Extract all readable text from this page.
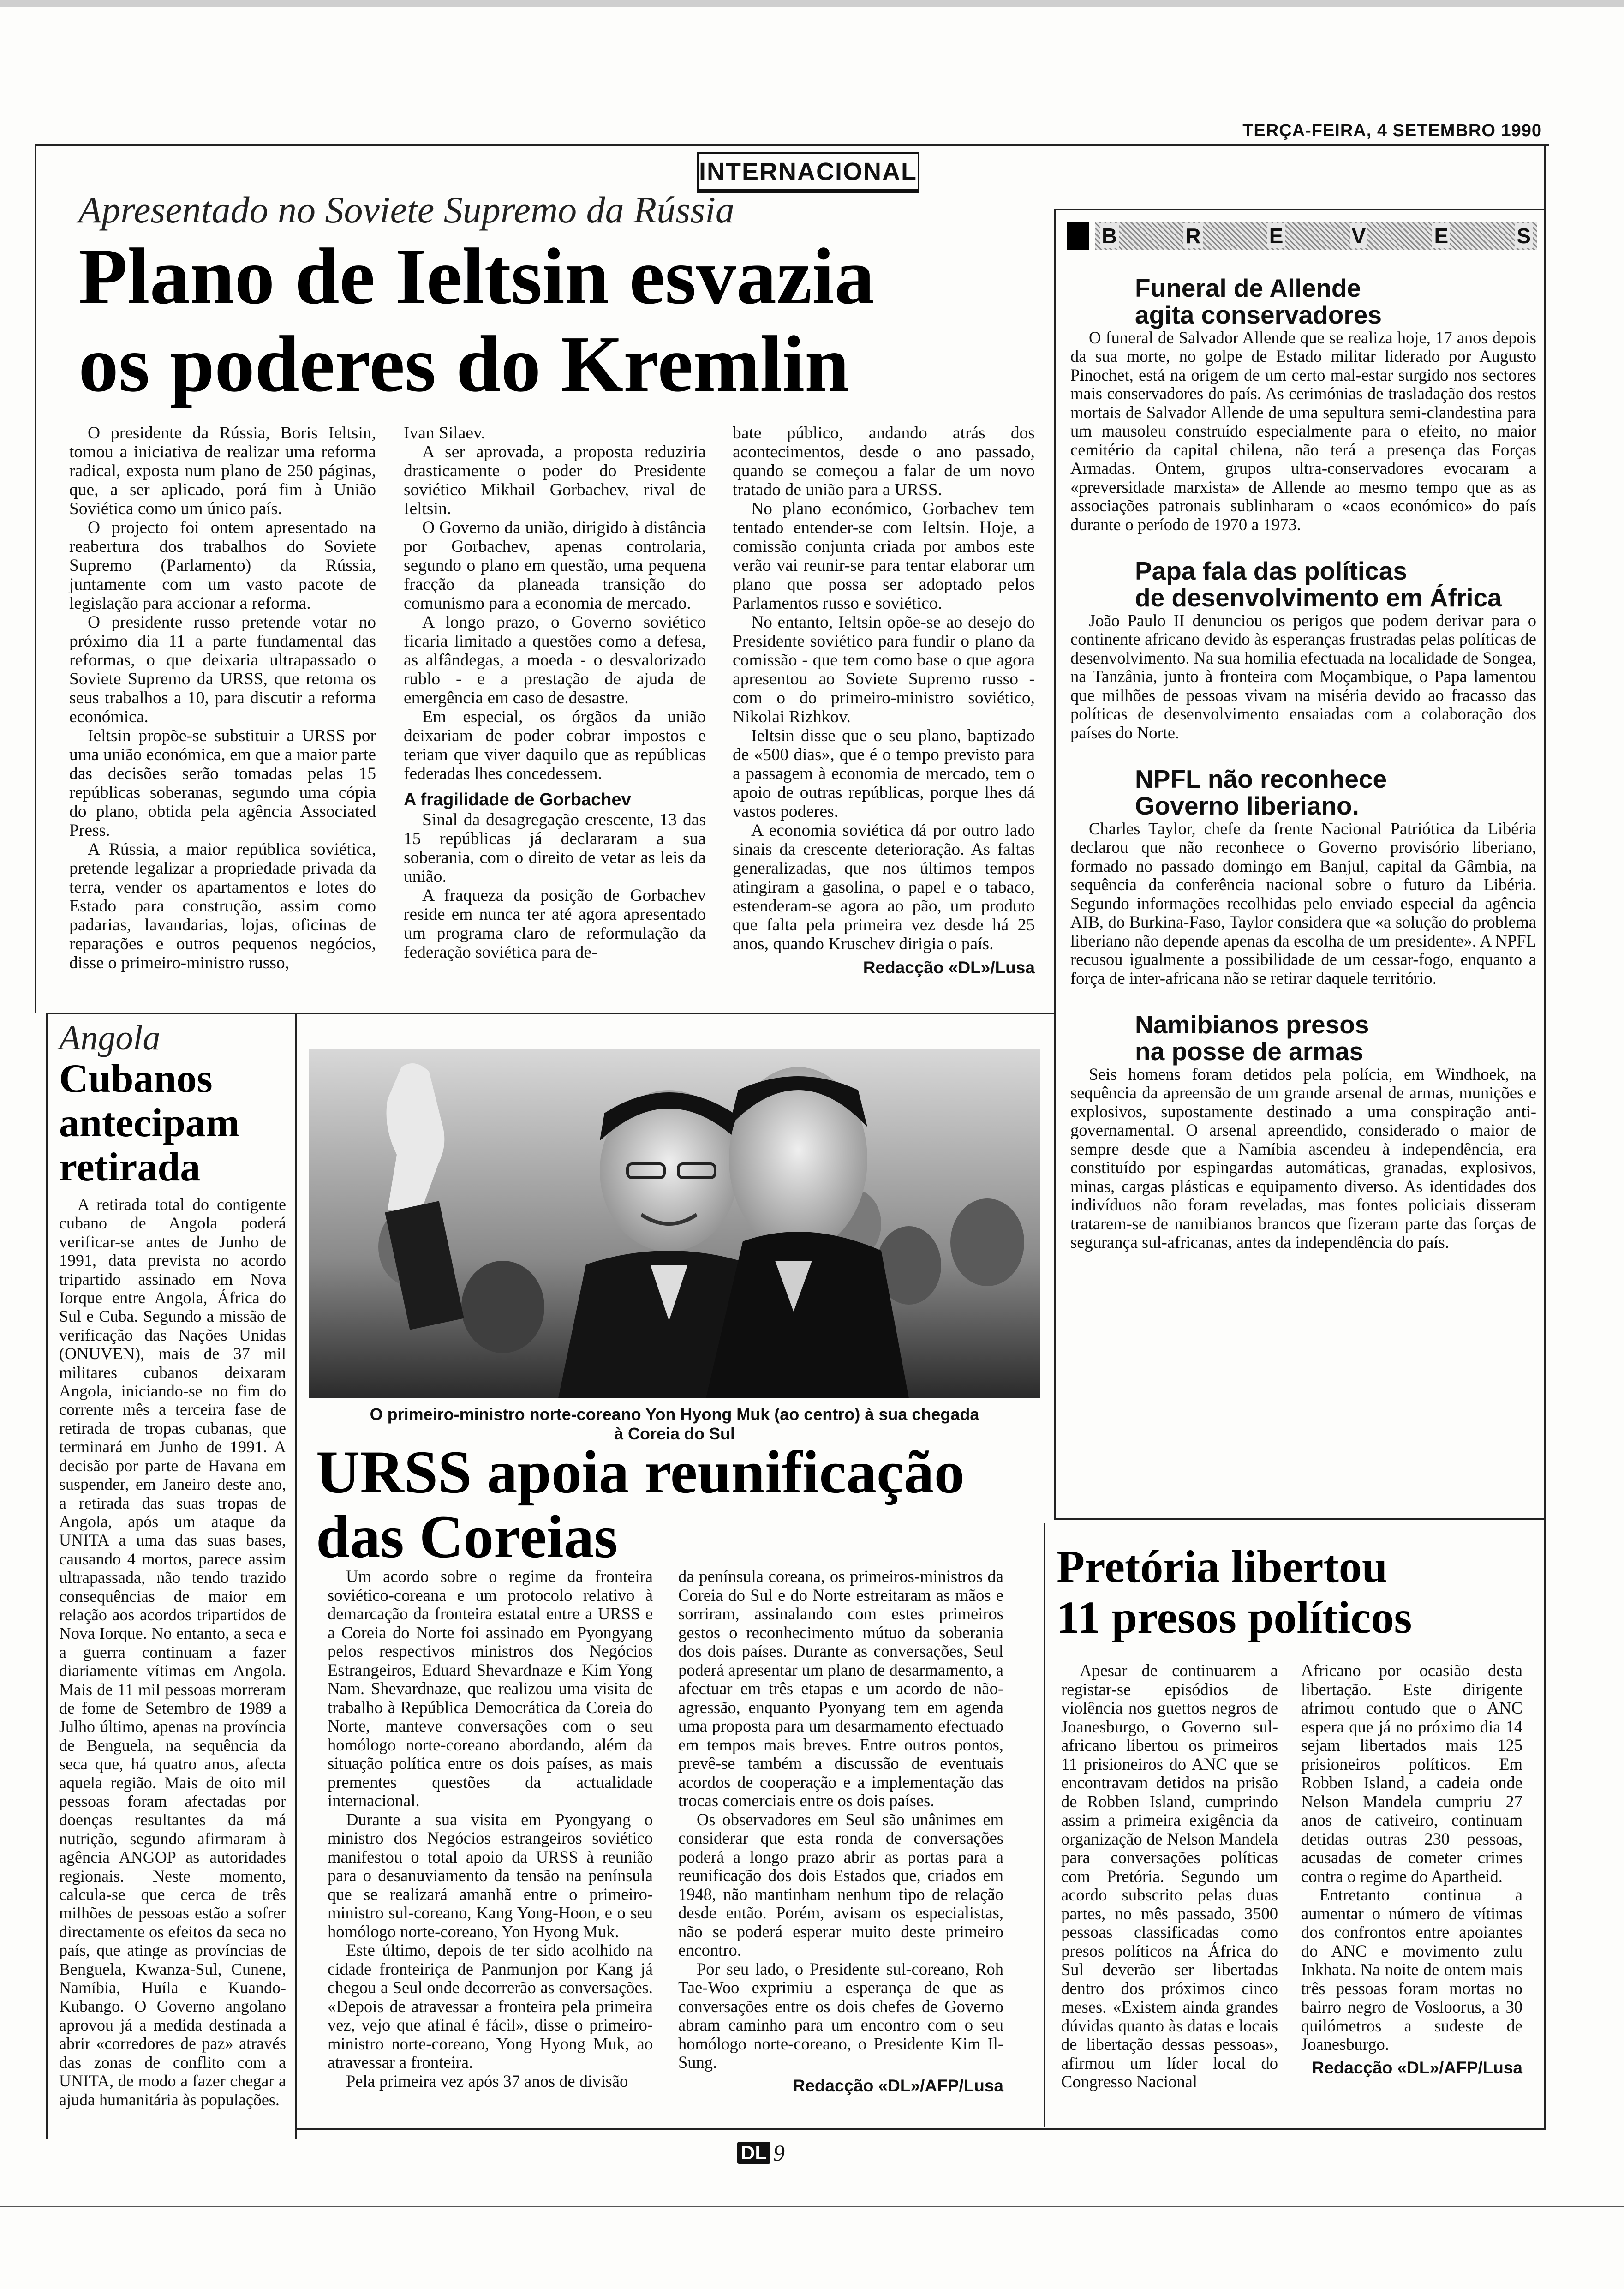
TERÇA-FEIRA, 4 SETEMBRO 1990
INTERNACIONAL
Apresentado no Soviete Supremo da Rússia
Plano de Ieltsin esvazia
os poderes do Kremlin

O presidente da Rússia, Boris Ieltsin, tomou a iniciativa de realizar uma reforma radical, exposta num plano de 250 páginas, que, a ser aplicado, porá fim à União Soviética como um único país.

O projecto foi ontem apresentado na reabertura dos trabalhos do Soviete Supremo (Parlamento) da Rússia, juntamente com um vasto pacote de legislação para accionar a reforma.

O presidente russo pretende votar no próximo dia 11 a parte fundamental das reformas, o que deixaria ultrapassado o Soviete Supremo da URSS, que retoma os seus trabalhos a 10, para discutir a reforma económica.

Ieltsin propõe-se substituir a URSS por uma união económica, em que a maior parte das decisões serão tomadas pelas 15 repúblicas soberanas, segundo uma cópia do plano, obtida pela agência Associated Press.

A Rússia, a maior república soviética, pretende legalizar a propriedade privada da terra, vender os apartamentos e lotes do Estado para construção, assim como padarias, lavandarias, lojas, oficinas de reparações e outros pequenos negócios, disse o primeiro-ministro russo,

Ivan Silaev.

A ser aprovada, a proposta reduziria drasticamente o poder do Presidente soviético Mikhail Gorbachev, rival de Ieltsin.

O Governo da união, dirigido à distância por Gorbachev, apenas controlaria, segundo o plano em questão, uma pequena fracção da planeada transição do comunismo para a economia de mercado.

A longo prazo, o Governo soviético ficaria limitado a questões como a defesa, as alfândegas, a moeda - o desvalorizado rublo - e a prestação de ajuda de emergência em caso de desastre.

Em especial, os órgãos da união deixariam de poder cobrar impostos e teriam que viver daquilo que as repúblicas federadas lhes concedessem.

A fragilidade de Gorbachev

Sinal da desagregação crescente, 13 das 15 repúblicas já declararam a sua soberania, com o direito de vetar as leis da união.

A fraqueza da posição de Gorbachev reside em nunca ter até agora apresentado um programa claro de reformulação da federação soviética para de-

bate público, andando atrás dos acontecimentos, desde o ano passado, quando se começou a falar de um novo tratado de união para a URSS.

No plano económico, Gorbachev tem tentado entender-se com Ieltsin. Hoje, a comissão conjunta criada por ambos este verão vai reunir-se para tentar elaborar um plano que possa ser adoptado pelos Parlamentos russo e soviético.

No entanto, Ieltsin opõe-se ao desejo do Presidente soviético para fundir o plano da comissão - que tem como base o que agora apresentou ao Soviete Supremo russo - com o do primeiro-ministro soviético, Nikolai Rizhkov.

Ieltsin disse que o seu plano, baptizado de «500 dias», que é o tempo previsto para a passagem à economia de mercado, tem o apoio de outras repúblicas, porque lhes dá vastos poderes.

A economia soviética dá por outro lado sinais da crescente deterioração. As faltas generalizadas, que nos últimos tempos atingiram a gasolina, o papel e o tabaco, estenderam-se agora ao pão, um produto que falta pela primeira vez desde há 25 anos, quando Kruschev dirigia o país.

Redacção «DL»/Lusa
B	R	E	V	E	S
Funeral de Allende
agita conservadores

O funeral de Salvador Allende que se realiza hoje, 17 anos depois da sua morte, no golpe de Estado militar liderado por Augusto Pinochet, está na origem de um certo mal-estar surgido nos sectores mais conservadores do país. As cerimónias de trasladação dos restos mortais de Salvador Allende de uma sepultura semi-clandestina para um mausoleu construído especialmente para o efeito, no maior cemitério da capital chilena, não terá a presença das Forças Armadas. Ontem, grupos ultra-conservadores evocaram a «preversidade marxista» de Allende ao mesmo tempo que as as associações patronais sublinharam o «caos económico» do país durante o período de 1970 a 1973.

Papa fala das políticas
de desenvolvimento em África

João Paulo II denunciou os perigos que podem derivar para o continente africano devido às esperanças frustradas pelas políticas de desenvolvimento. Na sua homilia efectuada na localidade de Songea, na Tanzânia, junto à fronteira com Moçambique, o Papa lamentou que milhões de pessoas vivam na miséria devido ao fracasso das políticas de desenvolvimento ensaiadas com a colaboração dos países do Norte.

NPFL não reconhece
Governo liberiano.

Charles Taylor, chefe da frente Nacional Patriótica da Libéria declarou que não reconhece o Governo provisório liberiano, formado no passado domingo em Banjul, capital da Gâmbia, na sequência da conferência nacional sobre o futuro da Libéria. Segundo informações recolhidas pelo enviado especial da agência AIB, do Burkina-Faso, Taylor considera que «a solução do problema liberiano não depende apenas da escolha de um presidente». A NPFL recusou igualmente a possibilidade de um cessar-fogo, enquanto a força de inter-africana não se retirar daquele território.

Namibianos presos
na posse de armas

Seis homens foram detidos pela polícia, em Windhoek, na sequência da apreensão de um grande arsenal de armas, munições e explosivos, supostamente destinado a uma conspiração anti-governamental. O arsenal apreendido, considerado o maior de sempre desde que a Namíbia ascendeu à independência, era constituído por espingardas automáticas, granadas, explosivos, minas, cargas plásticas e equipamento diverso. As identidades dos indivíduos não foram reveladas, mas fontes policiais disseram tratarem-se de namibianos brancos que fizeram parte das forças de segurança sul-africanas, antes da independência do país.

Angola
Cubanos
antecipam
retirada

A retirada total do contigente cubano de Angola poderá verificar-se antes de Junho de 1991, data prevista no acordo tripartido assinado em Nova Iorque entre Angola, África do Sul e Cuba. Segundo a missão de verificação das Nações Unidas (ONUVEN), mais de 37 mil militares cubanos deixaram Angola, iniciando-se no fim do corrente mês a terceira fase de retirada de tropas cubanas, que terminará em Junho de 1991. A decisão por parte de Havana em suspender, em Janeiro deste ano, a retirada das suas tropas de Angola, após um ataque da UNITA a uma das suas bases, causando 4 mortos, parece assim ultrapassada, não tendo trazido consequências de maior em relação aos acordos tripartidos de Nova Iorque. No entanto, a seca e a guerra continuam a fazer diariamente vítimas em Angola. Mais de 11 mil pessoas morreram de fome de Setembro de 1989 a Julho último, apenas na província de Benguela, na sequência da seca que, há quatro anos, afecta aquela região. Mais de oito mil pessoas foram afectadas por doenças resultantes da má nutrição, segundo afirmaram à agência ANGOP as autoridades regionais. Neste momento, calcula-se que cerca de três milhões de pessoas estão a sofrer directamente os efeitos da seca no país, que atinge as províncias de Benguela, Kwanza-Sul, Cunene, Namíbia, Huíla e Kuando-Kubango. O Governo angolano aprovou já a medida destinada a abrir «corredores de paz» através das zonas de conflito com a UNITA, de modo a fazer chegar a ajuda humanitária às populações.

O primeiro-ministro norte-coreano Yon Hyong Muk (ao centro) à sua chegada
à Coreia do Sul
URSS apoia reunificação
das Coreias

Um acordo sobre o regime da fronteira soviético-coreana e um protocolo relativo à demarcação da fronteira estatal entre a URSS e a Coreia do Norte foi assinado em Pyongyang pelos respectivos ministros dos Negócios Estrangeiros, Eduard Shevardnaze e Kim Yong Nam. Shevardnaze, que realizou uma visita de trabalho à República Democrática da Coreia do Norte, manteve conversações com o seu homólogo norte-coreano abordando, além da situação política entre os dois países, as mais prementes questões da actualidade internacional.

Durante a sua visita em Pyongyang o ministro dos Negócios estrangeiros soviético manifestou o total apoio da URSS à reunião para o desanuviamento da tensão na península que se realizará amanhã entre o primeiro-ministro sul-coreano, Kang Yong-Hoon, e o seu homólogo norte-coreano, Yon Hyong Muk.

Este último, depois de ter sido acolhido na cidade fronteiriça de Panmunjon por Kang já chegou a Seul onde decorrerão as conversações. «Depois de atravessar a fronteira pela primeira vez, vejo que afinal é fácil», disse o primeiro-ministro norte-coreano, Yong Hyong Muk, ao atravessar a fronteira.

Pela primeira vez após 37 anos de divisão

da península coreana, os primeiros-ministros da Coreia do Sul e do Norte estreitaram as mãos e sorriram, assinalando com estes primeiros gestos o reconhecimento mútuo da soberania dos dois países. Durante as conversações, Seul poderá apresentar um plano de desarmamento, a afectuar em três etapas e um acordo de não-agressão, enquanto Pyonyang tem em agenda uma proposta para um desarmamento efectuado em tempos mais breves. Entre outros pontos, prevê-se também a discussão de eventuais acordos de cooperação e a implementação das trocas comerciais entre os dois países.

Os observadores em Seul são unânimes em considerar que esta ronda de conversações poderá a longo prazo abrir as portas para a reunificação dos dois Estados que, criados em 1948, não mantinham nenhum tipo de relação desde então. Porém, avisam os especialistas, não se poderá esperar muito deste primeiro encontro.

Por seu lado, o Presidente sul-coreano, Roh Tae-Woo exprimiu a esperança de que as conversações entre os dois chefes de Governo abram caminho para um encontro com o seu homólogo norte-coreano, o Presidente Kim Il-Sung.

Redacção «DL»/AFP/Lusa
Pretória libertou
11 presos políticos

Apesar de continuarem a registar-se episódios de violência nos guettos negros de Joanesburgo, o Governo sul-africano libertou os primeiros 11 prisioneiros do ANC que se encontravam detidos na prisão de Robben Island, cumprindo assim a primeira exigência da organização de Nelson Mandela para conversações políticas com Pretória. Segundo um acordo subscrito pelas duas partes, no mês passado, 3500 pessoas classificadas como presos políticos na África do Sul deverão ser libertadas dentro dos próximos cinco meses. «Existem ainda grandes dúvidas quanto às datas e locais de libertação dessas pessoas», afirmou um líder local do Congresso Nacional

Africano por ocasião desta libertação. Este dirigente afrimou contudo que o ANC espera que já no próximo dia 14 sejam libertados mais 125 prisioneiros políticos. Em Robben Island, a cadeia onde Nelson Mandela cumpriu 27 anos de cativeiro, continuam detidas outras 230 pessoas, acusadas de cometer crimes contra o regime do Apartheid.

Entretanto continua a aumentar o número de vítimas dos confrontos entre apoiantes do ANC e movimento zulu Inkhata. Na noite de ontem mais três pessoas foram mortas no bairro negro de Vosloorus, a 30 quilómetros a sudeste de Joanesburgo.

Redacção «DL»/AFP/Lusa
DL 9
